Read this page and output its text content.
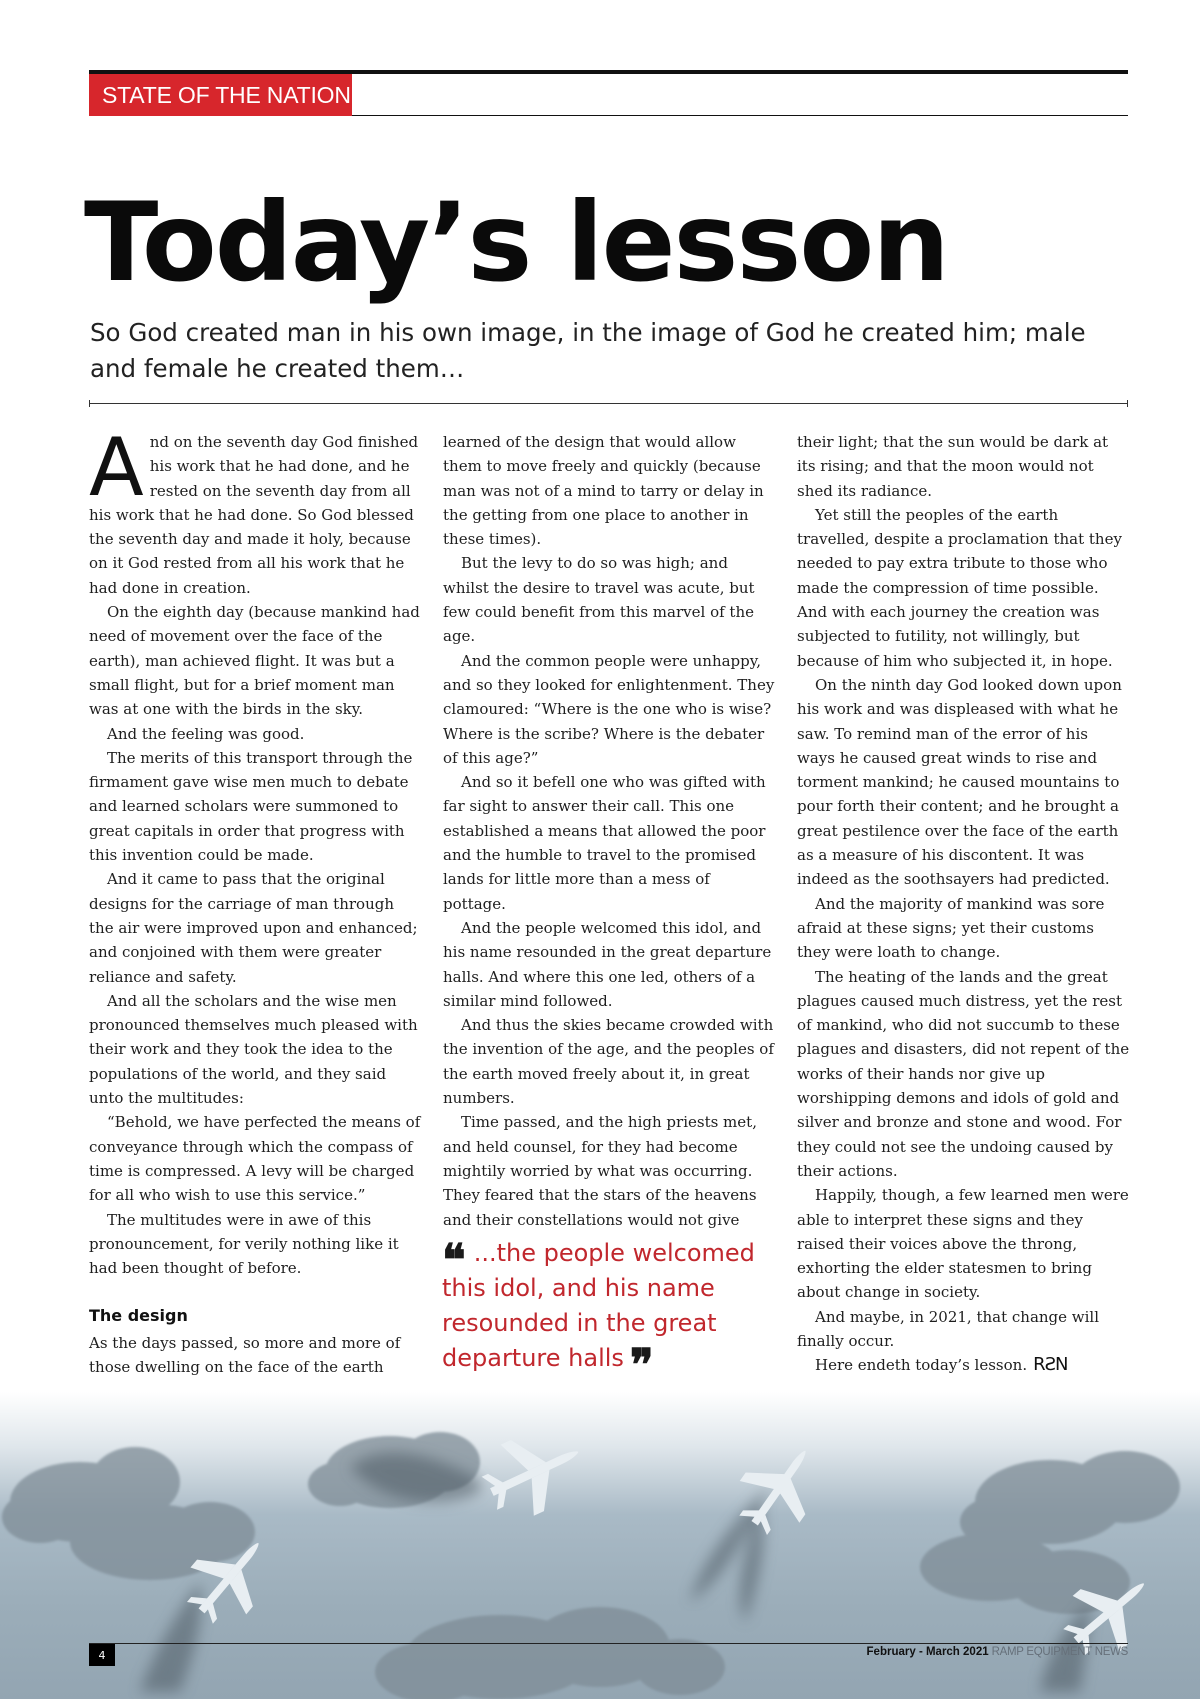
STATE OF THE NATION
Today’s lesson

So God created man in his own image, in the image of God he created him; male and female he created them…

And on the seventh day God finished his work that he had done, and he rested on the seventh day from all his work that he had done. So God blessed the seventh day and made it holy, because on it God rested from all his work that he had done in creation.

On the eighth day (because mankind had need of movement over the face of the earth), man achieved flight. It was but a small flight, but for a brief moment man was at one with the birds in the sky.

And the feeling was good.

The merits of this transport through the firmament gave wise men much to debate and learned scholars were summoned to great capitals in order that progress with this invention could be made.

And it came to pass that the original designs for the carriage of man through the air were improved upon and enhanced; and conjoined with them were greater reliance and safety.

And all the scholars and the wise men pronounced themselves much pleased with their work and they took the idea to the populations of the world, and they said unto the multitudes:

“Behold, we have perfected the means of conveyance through which the compass of time is compressed. A levy will be charged for all who wish to use this service.”

The multitudes were in awe of this pronouncement, for verily nothing like it had been thought of before.

The design

As the days passed, so more and more of those dwelling on the face of the earth

learned of the design that would allow them to move freely and quickly (because man was not of a mind to tarry or delay in the getting from one place to another in these times).

But the levy to do so was high; and whilst the desire to travel was acute, but few could benefit from this marvel of the age.

And the common people were unhappy, and so they looked for enlightenment. They clamoured: “Where is the one who is wise? Where is the scribe? Where is the debater of this age?”

And so it befell one who was gifted with far sight to answer their call. This one established a means that allowed the poor and the humble to travel to the promised lands for little more than a mess of pottage.

And the people welcomed this idol, and his name resounded in the great departure halls. And where this one led, others of a similar mind followed.

And thus the skies became crowded with the invention of the age, and the peoples of the earth moved freely about it, in great numbers.

Time passed, and the high priests met, and held counsel, for they had become mightily worried by what was occurring. They feared that the stars of the heavens and their constellations would not give

❝ ...the people welcomed this idol, and his name resounded in the great departure halls ❞

their light; that the sun would be dark at its rising; and that the moon would not shed its radiance.

Yet still the peoples of the earth travelled, despite a proclamation that they needed to pay extra tribute to those who made the compression of time possible. And with each journey the creation was subjected to futility, not willingly, but because of him who subjected it, in hope.

On the ninth day God looked down upon his work and was displeased with what he saw. To remind man of the error of his ways he caused great winds to rise and torment mankind; he caused mountains to pour forth their content; and he brought a great pestilence over the face of the earth as a measure of his discontent. It was indeed as the soothsayers had predicted.

And the majority of mankind was sore afraid at these signs; yet their customs they were loath to change.

The heating of the lands and the great plagues caused much distress, yet the rest of mankind, who did not succumb to these plagues and disasters, did not repent of the works of their hands nor give up worshipping demons and idols of gold and silver and bronze and stone and wood. For they could not see the undoing caused by their actions.

Happily, though, a few learned men were able to interpret these signs and they raised their voices above the throng, exhorting the elder statesmen to bring about change in society.

And maybe, in 2021, that change will finally occur.

Here endeth today’s lesson. RƧN

4	February - March 2021 RAMP EQUIPMENT NEWS
